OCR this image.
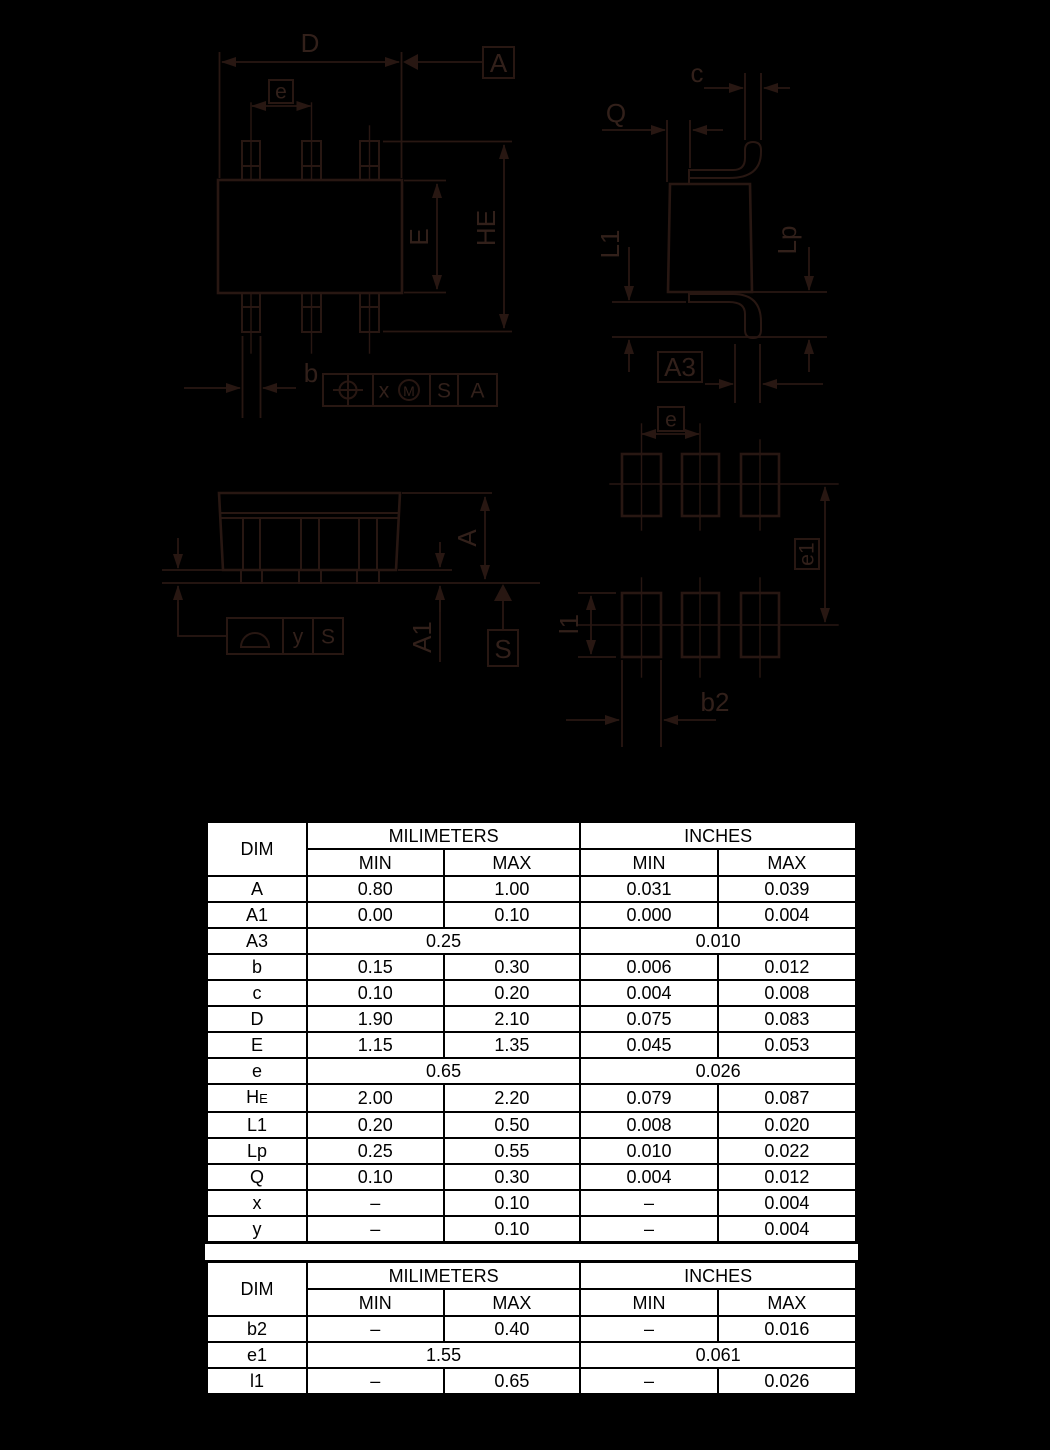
D
A
e
E HE
b
x M S A
c
Q
L1	Lp
A3
y S
A
A1 S
e
e1
l1
b2
DIM	MILIMETERS		INCHES	
	MIN	MAX	MIN	MAX
A	0.80	1.00	0.031	0.039
A1	0.00	0.10	0.000	0.004
A3	0.25		0.010	
b	0.15	0.30	0.006	0.012
c	0.10	0.20	0.004	0.008
D	1.90	2.10	0.075	0.083
E	1.15	1.35	0.045	0.053
e	0.65		0.026	
HE	2.00	2.20	0.079	0.087
L1	0.20	0.50	0.008	0.020
Lp	0.25	0.55	0.010	0.022
Q	0.10	0.30	0.004	0.012
x	–	0.10	–	0.004
y	–	0.10	–	0.004
DIM	MILIMETERS		INCHES	
	MIN	MAX	MIN	MAX
b2	–	0.40	–	0.016
e1	1.55		0.061	
l1	–	0.65	–	0.026
